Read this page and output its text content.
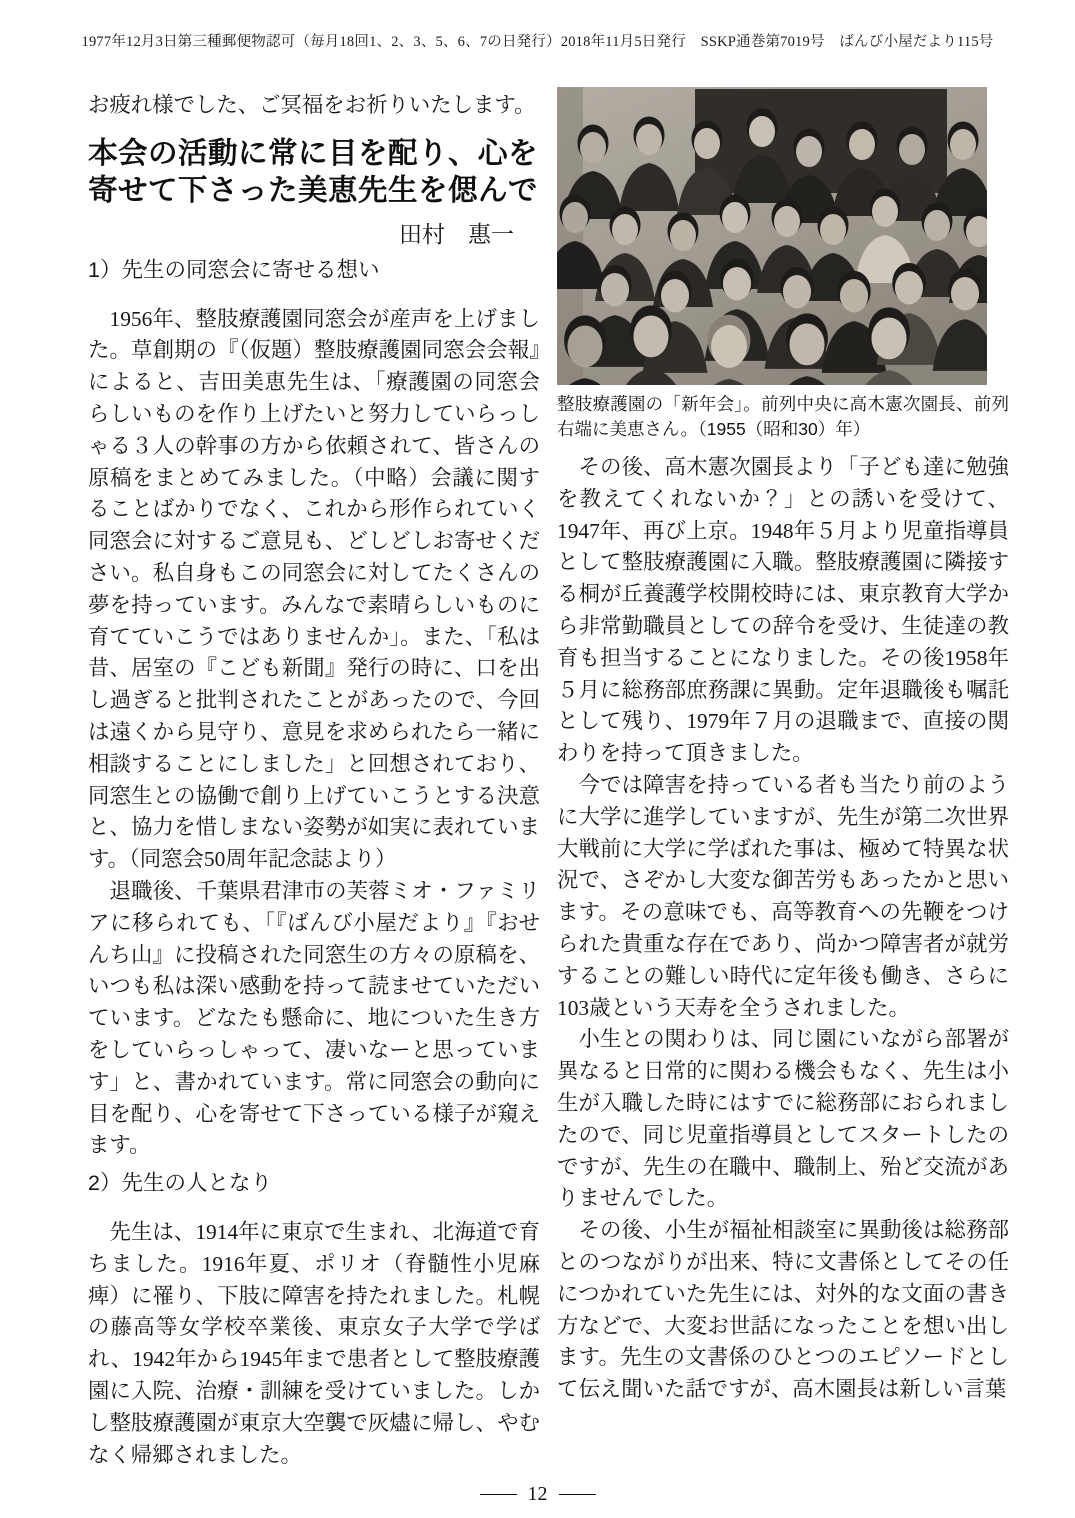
1977年12月3日第三種郵便物認可（毎月18回1、2、3、5、6、7の日発行）2018年11月5日発行　SSKP通巻第7019号　ばんび小屋だより115号

お疲れ様でした、ご冥福をお祈りいたします。

本会の活動に常に目を配り、心を
寄せて下さった美恵先生を偲んで
田村　惠一
1）先生の同窓会に寄せる想い

　1956年、整肢療護園同窓会が産声を上げました。草創期の『（仮題）整肢療護園同窓会会報』によると、吉田美恵先生は、「療護園の同窓会らしいものを作り上げたいと努力していらっしゃる３人の幹事の方から依頼されて、皆さんの原稿をまとめてみました。（中略）会議に関することばかりでなく、これから形作られていく同窓会に対するご意見も、どしどしお寄せください。私自身もこの同窓会に対してたくさんの夢を持っています。みんなで素晴らしいものに育てていこうではありませんか」。また、「私は昔、居室の『こども新聞』発行の時に、口を出し過ぎると批判されたことがあったので、今回は遠くから見守り、意見を求められたら一緒に相談することにしました」と回想されており、同窓生との協働で創り上げていこうとする決意と、協力を惜しまない姿勢が如実に表れています。（同窓会50周年記念誌より）

　退職後、千葉県君津市の芙蓉ミオ・ファミリアに移られても、「『ばんび小屋だより』『おせんち山』に投稿された同窓生の方々の原稿を、いつも私は深い感動を持って読ませていただいています。どなたも懸命に、地についた生き方をしていらっしゃって、凄いなーと思っています」と、書かれています。常に同窓会の動向に目を配り、心を寄せて下さっている様子が窺えます。

2）先生の人となり

　先生は、1914年に東京で生まれ、北海道で育ちました。1916年夏、ポリオ（脊髄性小児麻痺）に罹り、下肢に障害を持たれました。札幌の藤高等女学校卒業後、東京女子大学で学ばれ、1942年から1945年まで患者として整肢療護園に入院、治療・訓練を受けていました。しかし整肢療護園が東京大空襲で灰燼に帰し、やむなく帰郷されました。

整肢療護園の「新年会」。前列中央に高木憲次園長、前列右端に美恵さん。（1955（昭和30）年）

　その後、高木憲次園長より「子ども達に勉強を教えてくれないか？」との誘いを受けて、1947年、再び上京。1948年５月より児童指導員として整肢療護園に入職。整肢療護園に隣接する桐が丘養護学校開校時には、東京教育大学から非常勤職員としての辞令を受け、生徒達の教育も担当することになりました。その後1958年５月に総務部庶務課に異動。定年退職後も嘱託として残り、1979年７月の退職まで、直接の関わりを持って頂きました。

　今では障害を持っている者も当たり前のように大学に進学していますが、先生が第二次世界大戦前に大学に学ばれた事は、極めて特異な状況で、さぞかし大変な御苦労もあったかと思います。その意味でも、高等教育への先鞭をつけられた貴重な存在であり、尚かつ障害者が就労することの難しい時代に定年後も働き、さらに103歳という天寿を全うされました。

　小生との関わりは、同じ園にいながら部署が異なると日常的に関わる機会もなく、先生は小生が入職した時にはすでに総務部におられましたので、同じ児童指導員としてスタートしたのですが、先生の在職中、職制上、殆ど交流がありませんでした。

　その後、小生が福祉相談室に異動後は総務部とのつながりが出来、特に文書係としてその任につかれていた先生には、対外的な文面の書き方などで、大変お世話になったことを想い出します。先生の文書係のひとつのエピソードとして伝え聞いた話ですが、高木園長は新しい言葉

12
